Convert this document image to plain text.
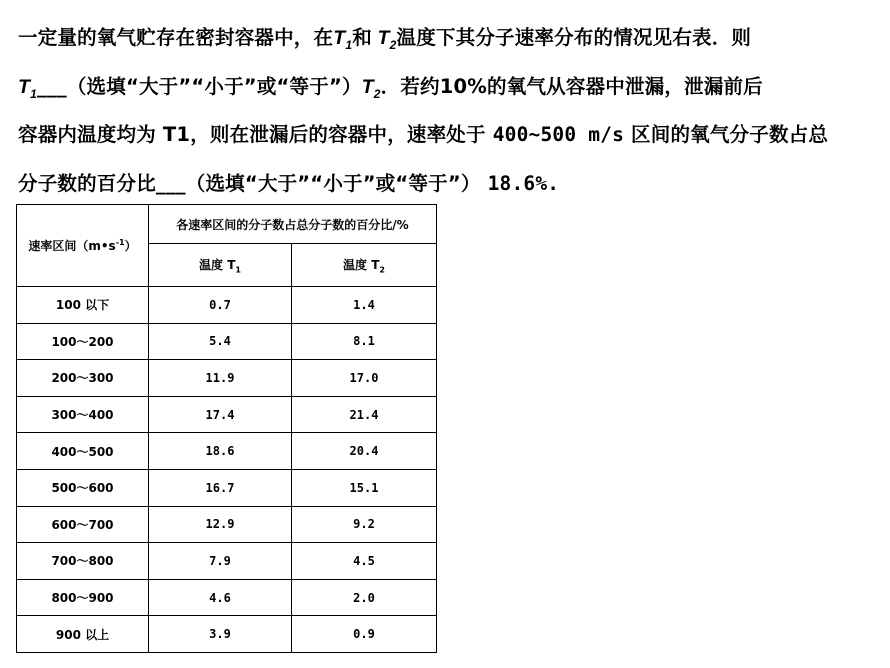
一定量的氧气贮存在密封容器中，在$T_1$和 $T_2$温度下其分子速率分布的情况见右表．则
$T_1\_\_\_$（选填“大于”“小于”或“等于$”)T_2$．若约10%的氧气从容器中泄漏，泄漏前后
容器内温度均为 T1，则在泄漏后的容器中，速率处于 400~500 m/s 区间的氧气分子数占总
分子数的百分比___（选填“大于”“小于”或“等于”） 18.6%.
速率区间$(m•s^{-1})$	各速率区间的分子数占总分子数的百分比/%	
	温度 $T_1$	温度 $T_2$
100 以下	0.7	1.4
100～200	5.4	8.1
200～300	11.9	17.0
300～400	17.4	21.4
400～500	18.6	20.4
500～600	16.7	15.1
600～700	12.9	9.2
700～800	7.9	4.5
800～900	4.6	2.0
900 以上	3.9	0.9
